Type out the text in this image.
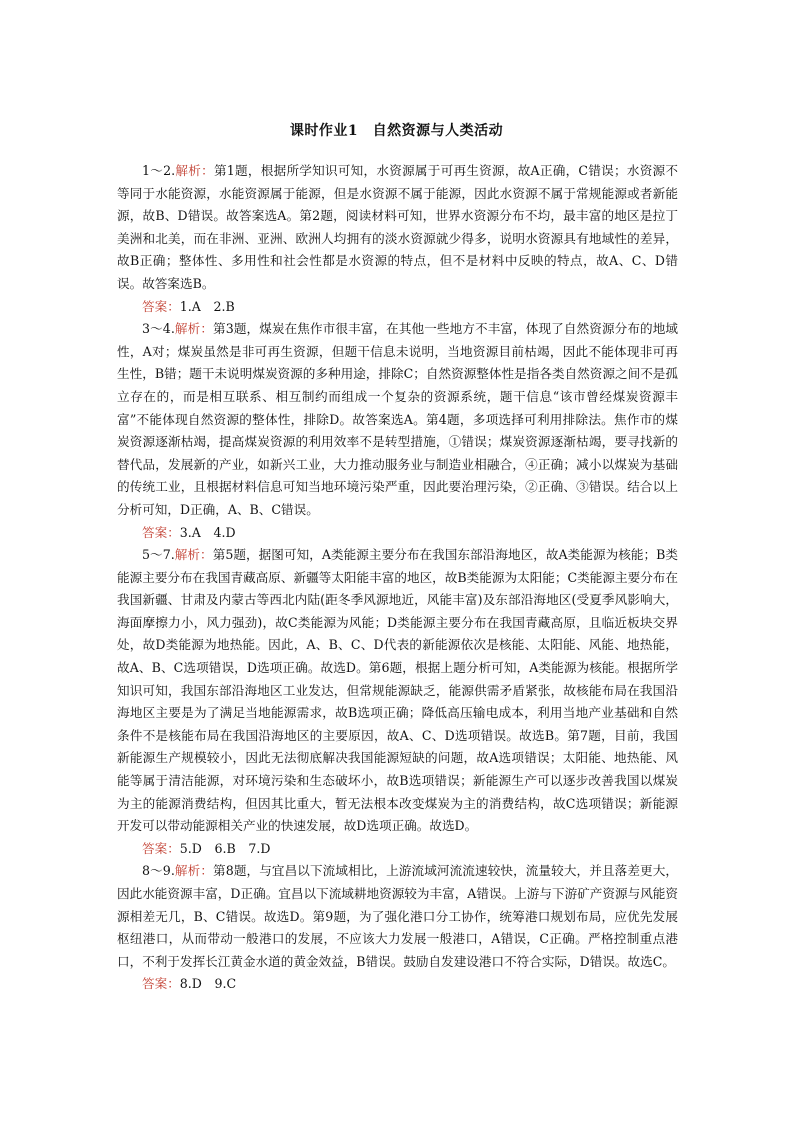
课时作业1　自然资源与人类活动

1～2.解析：第1题，根据所学知识可知，水资源属于可再生资源，故A正确，C错误；水资源不等同于水能资源，水能资源属于能源，但是水资源不属于能源，因此水资源不属于常规能源或者新能源，故B、D错误。故答案选A。第2题，阅读材料可知，世界水资源分布不均，最丰富的地区是拉丁美洲和北美，而在非洲、亚洲、欧洲人均拥有的淡水资源就少得多，说明水资源具有地域性的差异，故B正确；整体性、多用性和社会性都是水资源的特点，但不是材料中反映的特点，故A、C、D错误。故答案选B。

答案：1.A　2.B

3～4.解析：第3题，煤炭在焦作市很丰富，在其他一些地方不丰富，体现了自然资源分布的地域性，A对；煤炭虽然是非可再生资源，但题干信息未说明，当地资源目前枯竭，因此不能体现非可再生性，B错；题干未说明煤炭资源的多种用途，排除C；自然资源整体性是指各类自然资源之间不是孤立存在的，而是相互联系、相互制约而组成一个复杂的资源系统，题干信息“该市曾经煤炭资源丰富”不能体现自然资源的整体性，排除D。故答案选A。第4题，多项选择可利用排除法。焦作市的煤炭资源逐渐枯竭，提高煤炭资源的利用效率不是转型措施，①错误；煤炭资源逐渐枯竭，要寻找新的替代品，发展新的产业，如新兴工业，大力推动服务业与制造业相融合，④正确；减小以煤炭为基础的传统工业，且根据材料信息可知当地环境污染严重，因此要治理污染，②正确、③错误。结合以上分析可知，D正确，A、B、C错误。

答案：3.A　4.D

5～7.解析：第5题，据图可知，A类能源主要分布在我国东部沿海地区，故A类能源为核能；B类能源主要分布在我国青藏高原、新疆等太阳能丰富的地区，故B类能源为太阳能；C类能源主要分布在我国新疆、甘肃及内蒙古等西北内陆(距冬季风源地近，风能丰富)及东部沿海地区(受夏季风影响大，海面摩擦力小，风力强劲)，故C类能源为风能；D类能源主要分布在我国青藏高原，且临近板块交界处，故D类能源为地热能。因此，A、B、C、D代表的新能源依次是核能、太阳能、风能、地热能，故A、B、C选项错误，D选项正确。故选D。第6题，根据上题分析可知，A类能源为核能。根据所学知识可知，我国东部沿海地区工业发达，但常规能源缺乏，能源供需矛盾紧张，故核能布局在我国沿海地区主要是为了满足当地能源需求，故B选项正确；降低高压输电成本，利用当地产业基础和自然条件不是核能布局在我国沿海地区的主要原因，故A、C、D选项错误。故选B。第7题，目前，我国新能源生产规模较小，因此无法彻底解决我国能源短缺的问题，故A选项错误；太阳能、地热能、风能等属于清洁能源，对环境污染和生态破坏小，故B选项错误；新能源生产可以逐步改善我国以煤炭为主的能源消费结构，但因其比重大，暂无法根本改变煤炭为主的消费结构，故C选项错误；新能源开发可以带动能源相关产业的快速发展，故D选项正确。故选D。

答案：5.D　6.B　7.D

8～9.解析：第8题，与宜昌以下流域相比，上游流域河流流速较快，流量较大，并且落差更大，因此水能资源丰富，D正确。宜昌以下流域耕地资源较为丰富，A错误。上游与下游矿产资源与风能资源相差无几，B、C错误。故选D。第9题，为了强化港口分工协作，统筹港口规划布局，应优先发展枢纽港口，从而带动一般港口的发展，不应该大力发展一般港口，A错误，C正确。严格控制重点港口，不利于发挥长江黄金水道的黄金效益，B错误。鼓励自发建设港口不符合实际，D错误。故选C。

答案：8.D　9.C
